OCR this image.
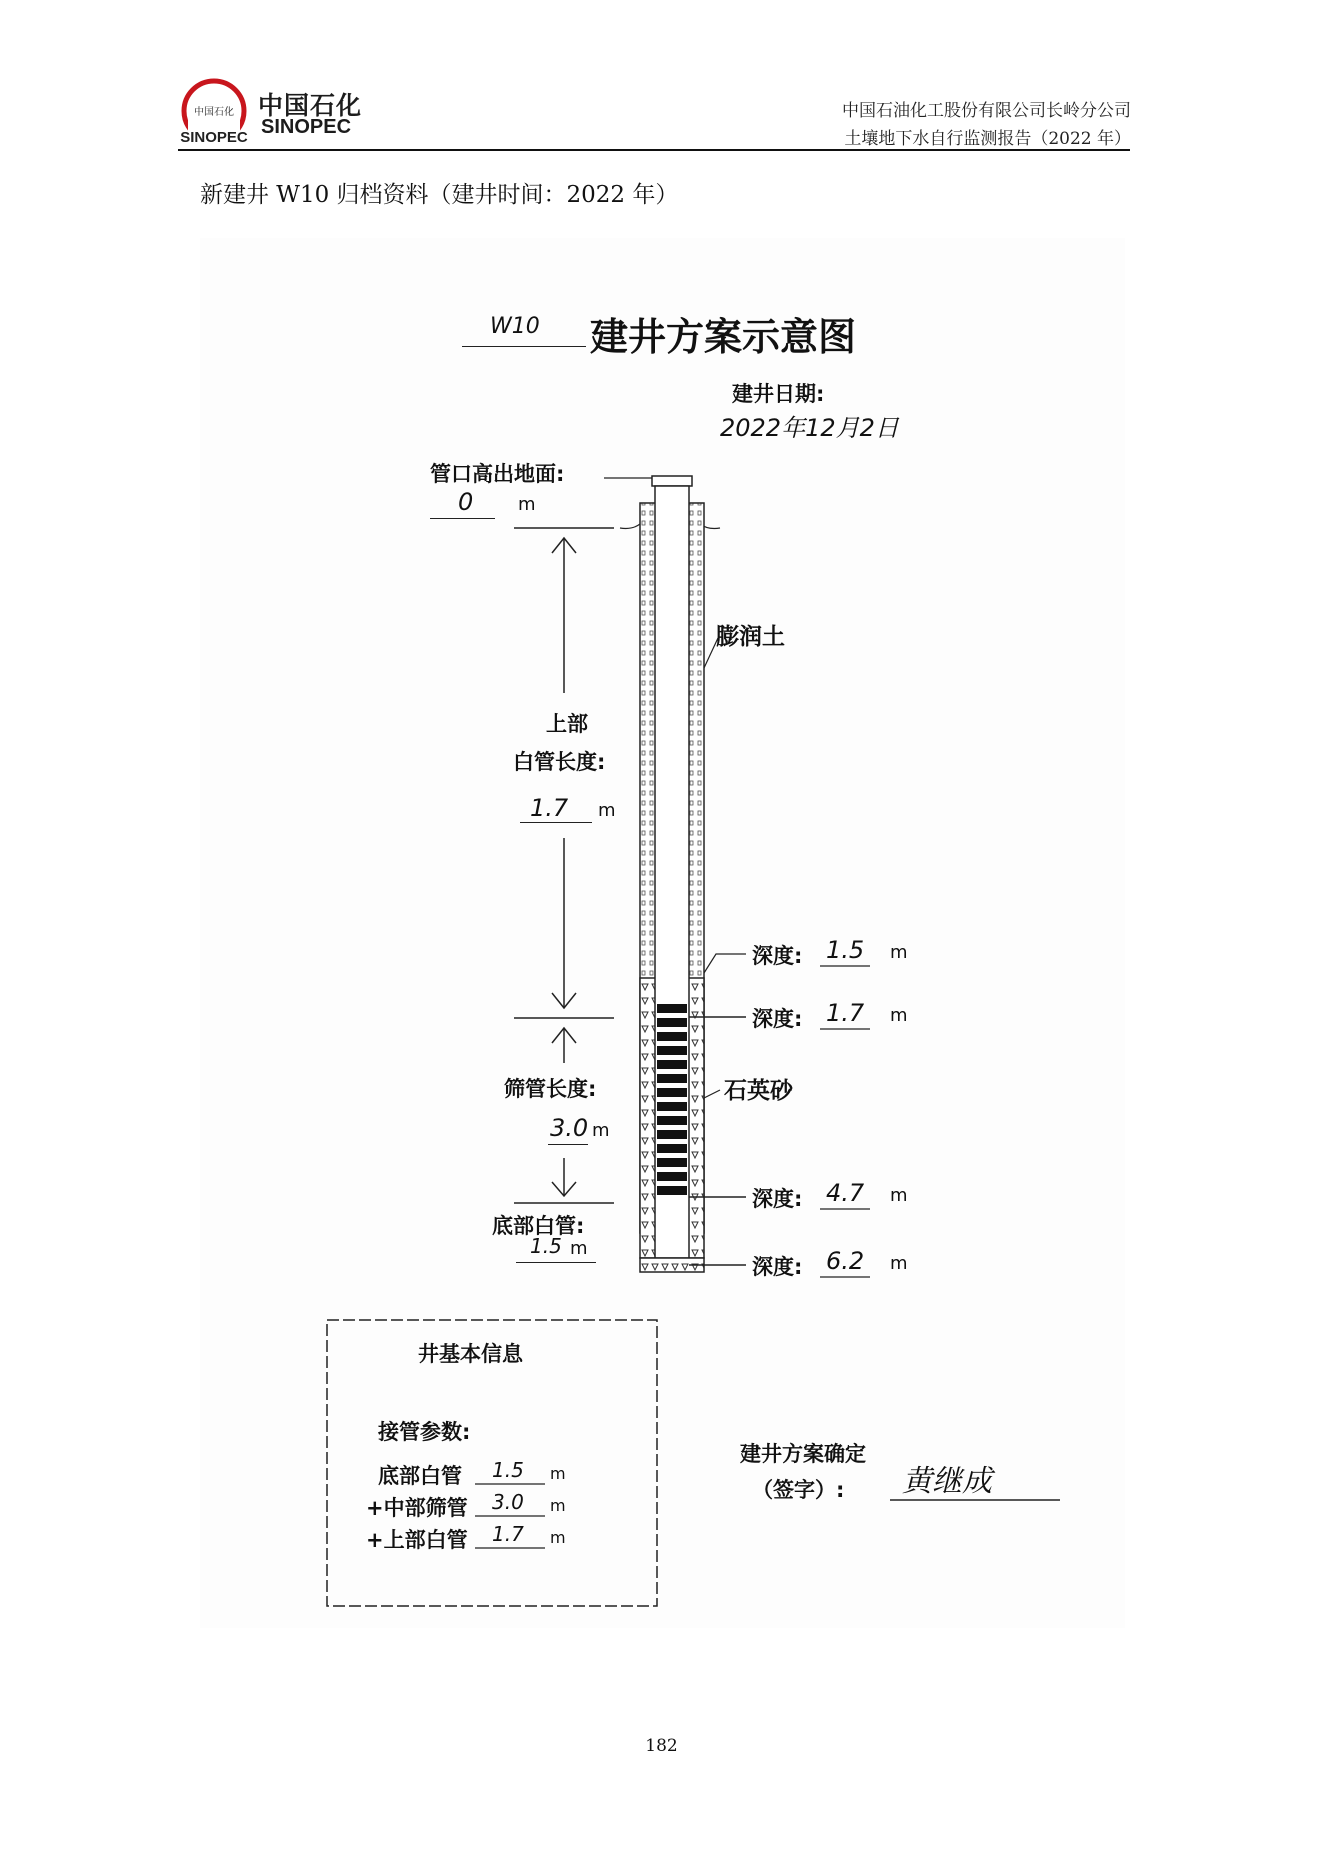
中国石化
SINOPEC
中国石化
SINOPEC
中国石油化工股份有限公司长岭分公司
土壤地下水自行监测报告（2022 年）
新建井 W10 归档资料（建井时间：2022 年）
W10 建井方案示意图
建井日期:
2022年12月2日
管口高出地面:
0 m
上部
白管长度:
1.7 m
筛管长度:
3.0 m
底部白管:
1.5 m
膨润土
石英砂
深度: 1.5 m
深度: 1.7 m
深度: 4.7 m
深度: 6.2 m
井基本信息
接管参数:
底部白管 1.5 m
+中部筛管 3.0 m
+上部白管 1.7 m
建井方案确定
（签字）: 黄继成
182
